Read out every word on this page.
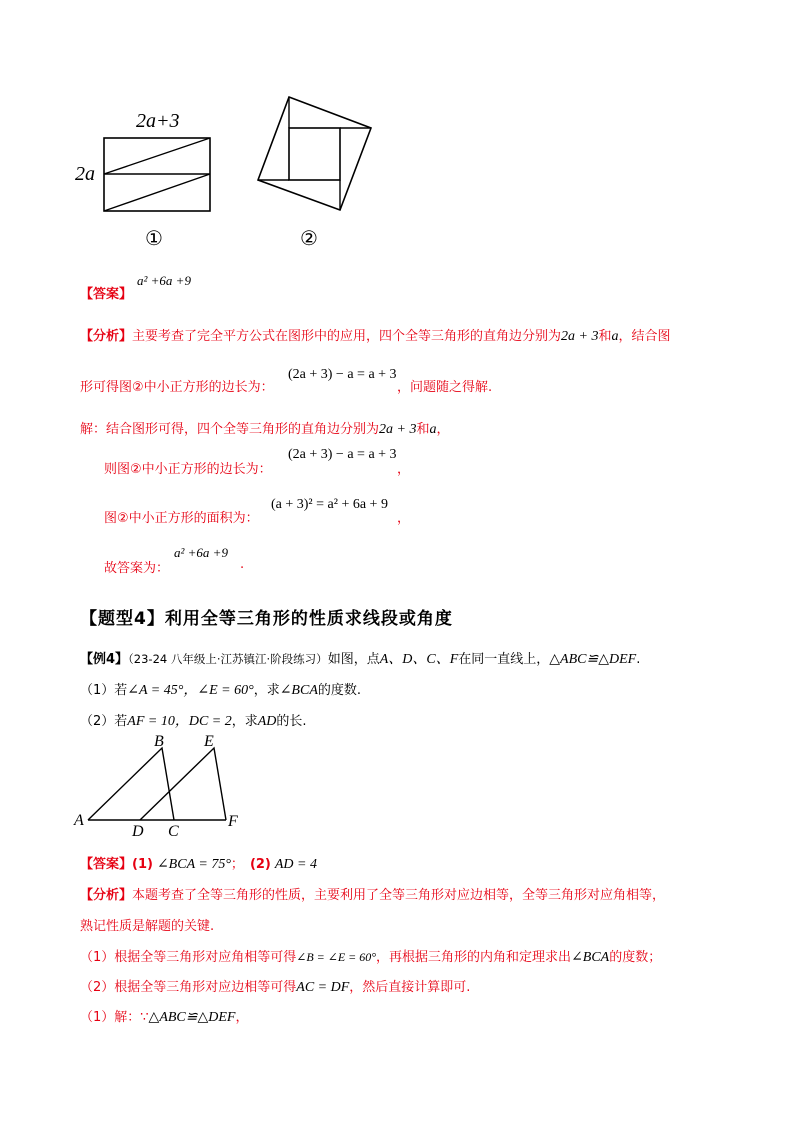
2a+3
2a
①	②
【答案】
a² +6a +9
【分析】主要考查了完全平方公式在图形中的应用，四个全等三角形的直角边分别为2a + 3和a，结合图
形可得图②中小正方形的边长为：
(2a + 3) − a = a + 3
，问题随之得解.
解：结合图形可得，四个全等三角形的直角边分别为2a + 3和a，
则图②中小正方形的边长为：
(2a + 3) − a = a + 3
，
图②中小正方形的面积为：
(a + 3)² = a² + 6a + 9
，
故答案为：
a² +6a +9
.
【题型4】利用全等三角形的性质求线段或角度
【例4】（23-24 八年级上·江苏镇江·阶段练习）如图，点A、D、C、F在同一直线上，△ABC≌△DEF.
（1）若∠A = 45°，∠E = 60°，求∠BCA的度数.
（2）若AF = 10，DC = 2，求AD的长.
A
B
C
D
E
F
【答案】(1) ∠BCA = 75°； (2) AD = 4
【分析】本题考查了全等三角形的性质，主要利用了全等三角形对应边相等，全等三角形对应角相等，
熟记性质是解题的关键.
（1）根据全等三角形对应角相等可得∠B = ∠E = 60°，再根据三角形的内角和定理求出∠BCA的度数；
（2）根据全等三角形对应边相等可得AC = DF，然后直接计算即可.
（1）解：∵△ABC≌△DEF，
